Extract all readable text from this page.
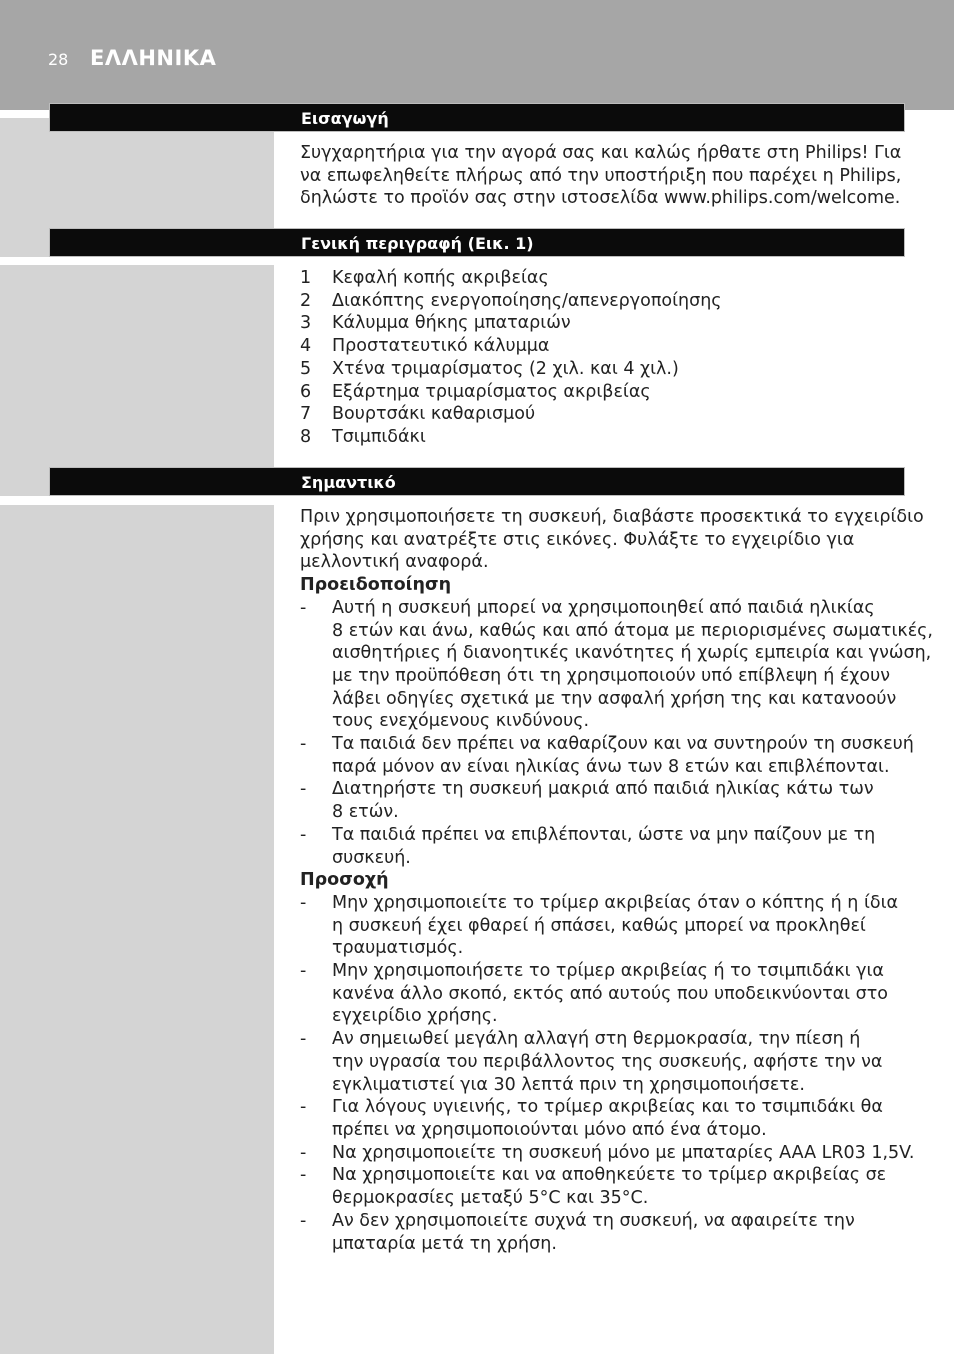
28 ΕΛΛΗΝΙΚΑ
Εισαγωγή

Συγχαρητήρια για την αγορά σας και καλώς ήρθατε στη Philips! Για

να επωφεληθείτε πλήρως από την υποστήριξη που παρέχει η Philips,

δηλώστε το προϊόν σας στην ιστοσελίδα www.philips.com/welcome.

Γενική περιγραφή (Εικ. 1)
1 Κεφαλή κοπής ακριβείας
2 Διακόπτης ενεργοποίησης/απενεργοποίησης
3 Κάλυμμα θήκης μπαταριών
4 Προστατευτικό κάλυμμα
5 Χτένα τριμαρίσματος (2 χιλ. και 4 χιλ.)
6 Εξάρτημα τριμαρίσματος ακριβείας
7 Βουρτσάκι καθαρισμού
8 Τσιμπιδάκι
Σημαντικό

Πριν χρησιμοποιήσετε τη συσκευή, διαβάστε προσεκτικά το εγχειρίδιο

χρήσης και ανατρέξτε στις εικόνες. Φυλάξτε το εγχειρίδιο για

μελλοντική αναφορά.

Προειδοποίηση

- Αυτή η συσκευή μπορεί να χρησιμοποιηθεί από παιδιά ηλικίας

8 ετών και άνω, καθώς και από άτομα με περιορισμένες σωματικές,

αισθητήριες ή διανοητικές ικανότητες ή χωρίς εμπειρία και γνώση,

με την προϋπόθεση ότι τη χρησιμοποιούν υπό επίβλεψη ή έχουν

λάβει οδηγίες σχετικά με την ασφαλή χρήση της και κατανοούν

τους ενεχόμενους κινδύνους.

- Τα παιδιά δεν πρέπει να καθαρίζουν και να συντηρούν τη συσκευή

παρά μόνον αν είναι ηλικίας άνω των 8 ετών και επιβλέπονται.

- Διατηρήστε τη συσκευή μακριά από παιδιά ηλικίας κάτω των

8 ετών.

- Τα παιδιά πρέπει να επιβλέπονται, ώστε να μην παίζουν με τη

συσκευή.

Προσοχή

- Μην χρησιμοποιείτε το τρίμερ ακριβείας όταν ο κόπτης ή η ίδια

η συσκευή έχει φθαρεί ή σπάσει, καθώς μπορεί να προκληθεί

τραυματισμός.

- Μην χρησιμοποιήσετε το τρίμερ ακριβείας ή το τσιμπιδάκι για

κανένα άλλο σκοπό, εκτός από αυτούς που υποδεικνύονται στο

εγχειρίδιο χρήσης.

- Αν σημειωθεί μεγάλη αλλαγή στη θερμοκρασία, την πίεση ή

την υγρασία του περιβάλλοντος της συσκευής, αφήστε την να

εγκλιματιστεί για 30 λεπτά πριν τη χρησιμοποιήσετε.

- Για λόγους υγιεινής, το τρίμερ ακριβείας και το τσιμπιδάκι θα

πρέπει να χρησιμοποιούνται μόνο από ένα άτομο.

- Να χρησιμοποιείτε τη συσκευή μόνο με μπαταρίες AAA LR03 1,5V.

- Να χρησιμοποιείτε και να αποθηκεύετε το τρίμερ ακριβείας σε

θερμοκρασίες μεταξύ 5°C και 35°C.

- Αν δεν χρησιμοποιείτε συχνά τη συσκευή, να αφαιρείτε την

μπαταρία μετά τη χρήση.
